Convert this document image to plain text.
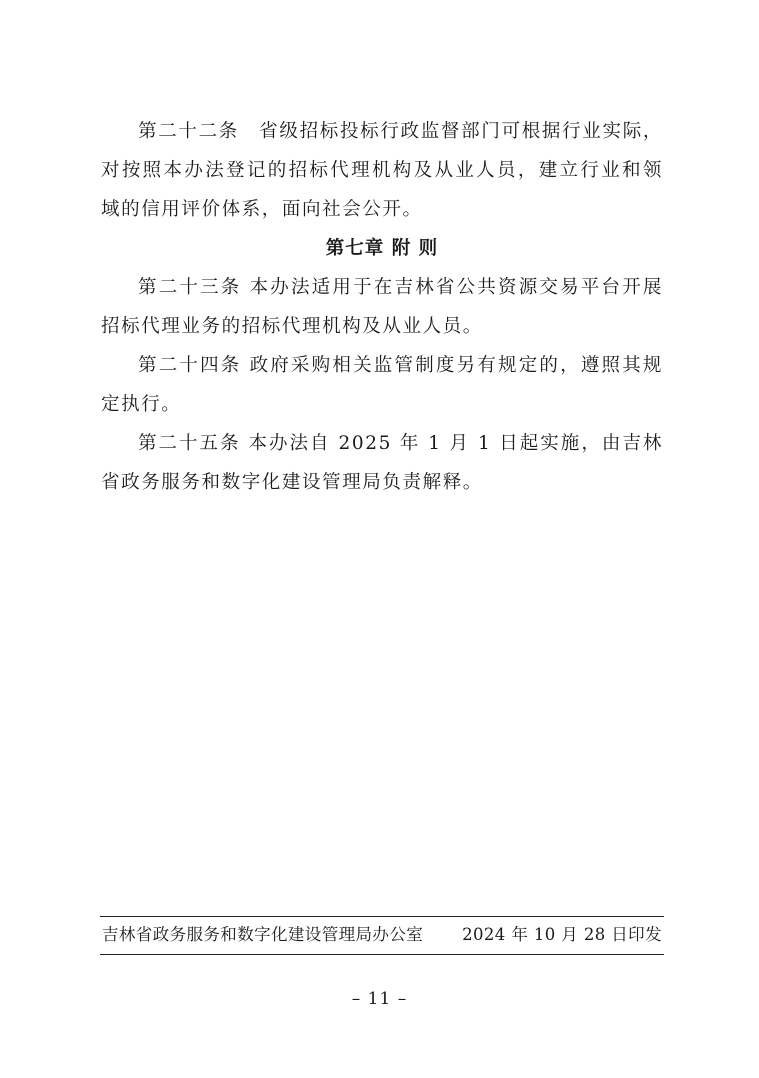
第二十二条　省级招标投标行政监督部门可根据行业实际，对按照本办法登记的招标代理机构及从业人员，建立行业和领域的信用评价体系，面向社会公开。

第七章 附 则

第二十三条 本办法适用于在吉林省公共资源交易平台开展招标代理业务的招标代理机构及从业人员。

第二十四条 政府采购相关监管制度另有规定的，遵照其规定执行。

第二十五条 本办法自 2025 年 1 月 1 日起实施，由吉林省政务服务和数字化建设管理局负责解释。

吉林省政务服务和数字化建设管理局办公室 2024 年 10 月 28 日印发
– 11 –
